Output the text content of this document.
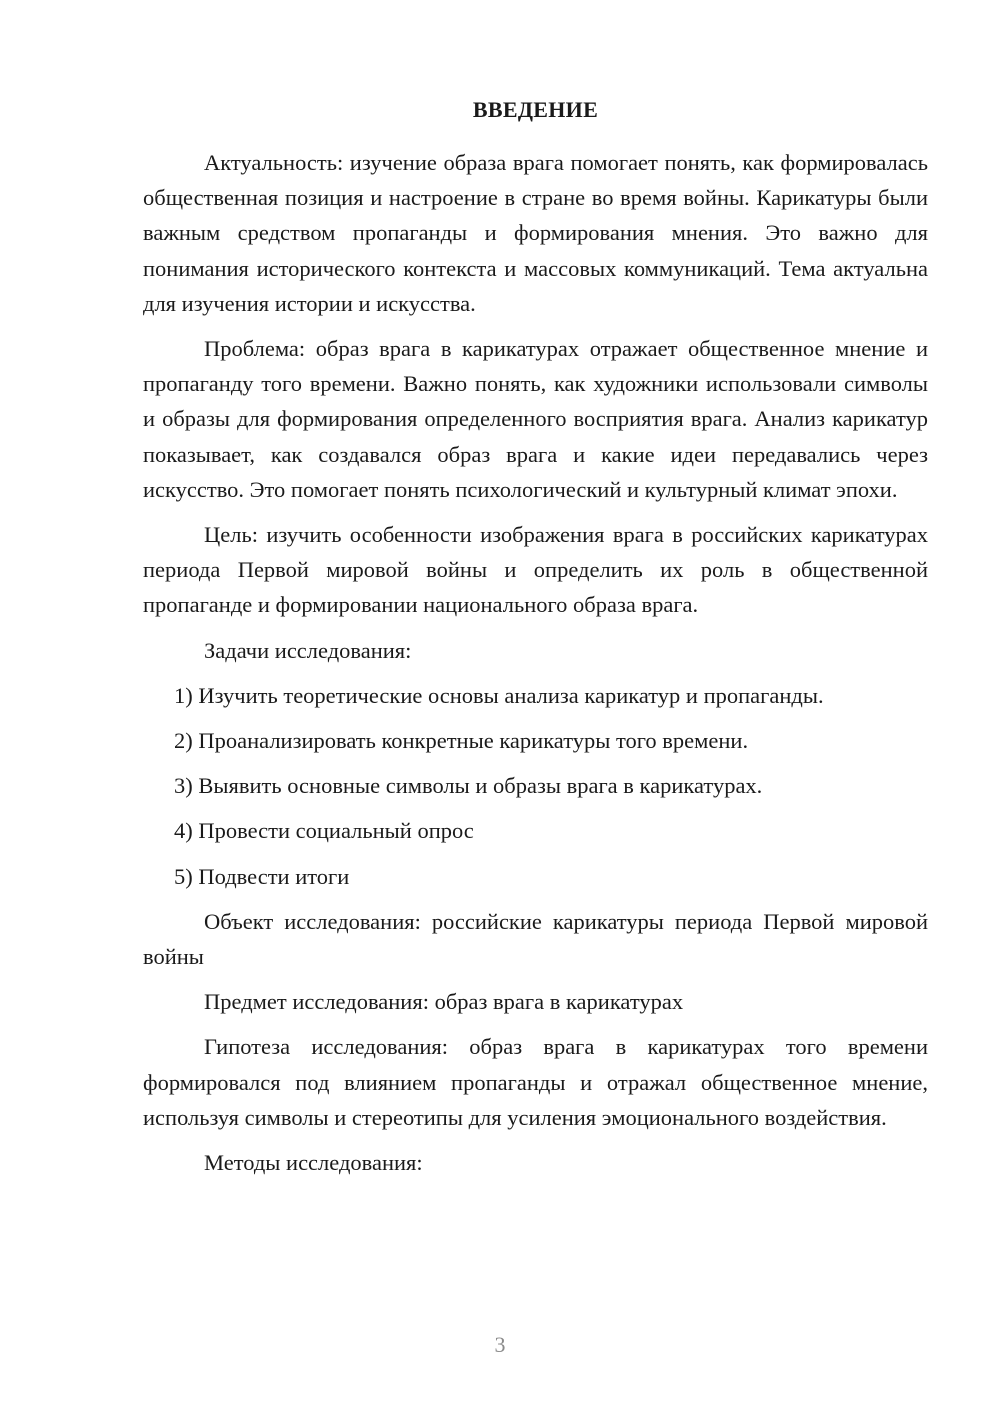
ВВЕДЕНИЕ

Актуальность: изучение образа врага помогает понять, как формировалась общественная позиция и настроение в стране во время войны. Карикатуры были важным средством пропаганды и формирования мнения. Это важно для понимания исторического контекста и массовых коммуникаций. Тема актуальна для изучения истории и искусства.

Проблема: образ врага в карикатурах отражает общественное мнение и пропаганду того времени. Важно понять, как художники использовали символы и образы для формирования определенного восприятия врага. Анализ карикатур показывает, как создавался образ врага и какие идеи передавались через искусство. Это помогает понять психологический и культурный климат эпохи.

Цель: изучить особенности изображения врага в российских карикатурах периода Первой мировой войны и определить их роль в общественной пропаганде и формировании национального образа врага.

Задачи исследования:

1) Изучить теоретические основы анализа карикатур и пропаганды.

2) Проанализировать конкретные карикатуры того времени.

3) Выявить основные символы и образы врага в карикатурах.

4) Провести социальный опрос

5) Подвести итоги

Объект исследования: российские карикатуры периода Первой мировой войны

Предмет исследования: образ врага в карикатурах

Гипотеза исследования: образ врага в карикатурах того времени формировался под влиянием пропаганды и отражал общественное мнение, используя символы и стереотипы для усиления эмоционального воздействия.

Методы исследования:

3
